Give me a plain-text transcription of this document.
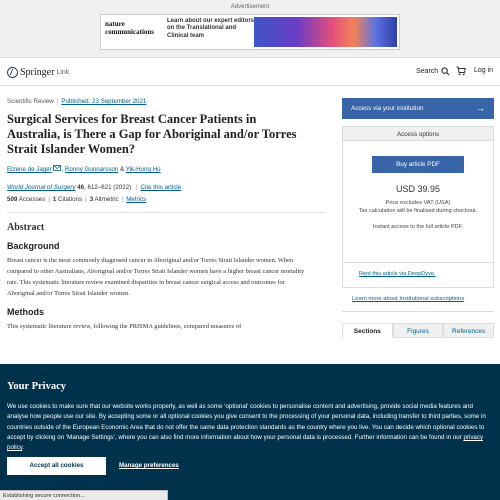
Advertisement
nature
communications
Learn about our expert editors on the Translational and Clinical team
Springer Link	Search	Log in
Scientific Review | Published: 23 September 2021
Surgical Services for Breast Cancer Patients in Australia, is There a Gap for Aboriginal and/or Torres Strait Islander Women?
Elzerie de Jager , Ronny Gunnarsson & Yik-Hong Ho
World Journal of Surgery 46, 612–621 (2022) | Cite this article
509 Accesses | 1 Citations | 3 Altmetric | Metrics
Abstract
Background

Breast cancer is the most commonly diagnosed cancer in Aboriginal and/or Torres Strait Islander women. When compared to other Australians, Aboriginal and/or Torres Strait Islander women have a higher breast cancer mortality rate. This systematic literature review examined disparities in breast cancer surgical access and outcomes for Aboriginal and/or Torres Strait Islander women.

Methods

This systematic literature review, following the PRISMA guidelines, compared measures of

Access via your institution	→
Access options
Buy article PDF
USD 39.95
Price excludes VAT (USA)
Tax calculation will be finalised during checkout.
Instant access to the full article PDF.
Rent this article via DeepDyve.
Learn more about Institutional subscriptions
Sections	Figures	References
Your Privacy

We use cookies to make sure that our website works properly, as well as some ‘optional’ cookies to personalise content and advertising, provide social media features and analyse how people use our site. By accepting some or all optional cookies you give consent to the processing of your personal data, including transfer to third parties, some in countries outside of the European Economic Area that do not offer the same data protection standards as the country where you live. You can decide which optional cookies to accept by clicking on ‘Manage Settings’, where you can also find more information about how your personal data is processed. Further information can be found in our privacy policy.

Accept all cookies	Manage preferences
Establishing secure connection...
